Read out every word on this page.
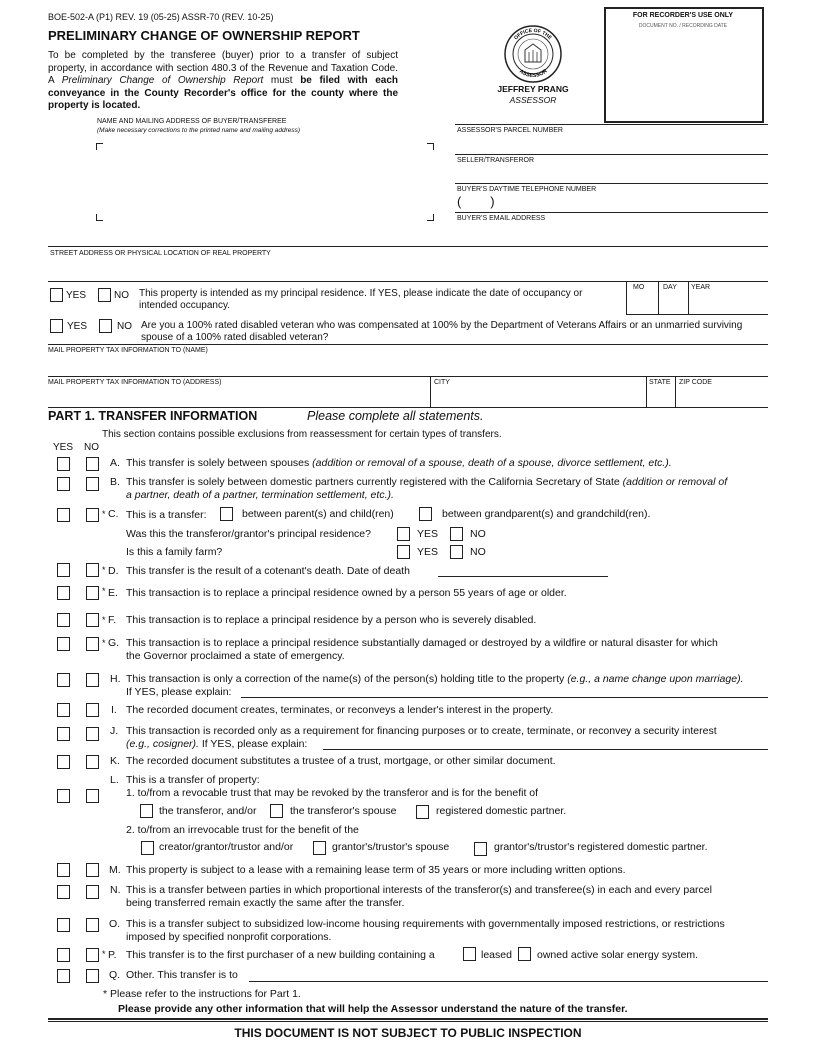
BOE-502-A (P1) REV. 19 (05-25) ASSR-70 (REV. 10-25)
PRELIMINARY CHANGE OF OWNERSHIP REPORT
To be completed by the transferee (buyer) prior to a transfer of subject property, in accordance with section 480.3 of the Revenue and Taxation Code. A Preliminary Change of Ownership Report must be filed with each conveyance in the County Recorder's office for the county where the property is located.
OFFICE OF THE
ASSESSOR
JEFFREY PRANG
ASSESSOR
FOR RECORDER'S USE ONLY
DOCUMENT NO. / RECORDING DATE
NAME AND MAILING ADDRESS OF BUYER/TRANSFEREE
(Make necessary corrections to the printed name and mailing address)	ASSESSOR'S PARCEL NUMBER
SELLER/TRANSFEROR
BUYER'S DAYTIME TELEPHONE NUMBER
(        )
BUYER'S EMAIL ADDRESS
STREET ADDRESS OR PHYSICAL LOCATION OF REAL PROPERTY
YES	NO This property is intended as my principal residence. If YES, please indicate the date of occupancy or intended occupancy.
MO	DAY YEAR
YES	NO Are you a 100% rated disabled veteran who was compensated at 100% by the Department of Veterans Affairs or an unmarried surviving spouse of a 100% rated disabled veteran?
MAIL PROPERTY TAX INFORMATION TO (NAME)
MAIL PROPERTY TAX INFORMATION TO (ADDRESS)	CITY	STATE ZIP CODE
PART 1. TRANSFER INFORMATION	Please complete all statements.
This section contains possible exclusions from reassessment for certain types of transfers.
YES NO
A. This transfer is solely between spouses (addition or removal of a spouse, death of a spouse, divorce settlement, etc.).
B. This transfer is solely between domestic partners currently registered with the California Secretary of State (addition or removal of
a partner, death of a partner, termination settlement, etc.).
* C. This is a transfer:	between parent(s) and child(ren)	between grandparent(s) and grandchild(ren).
Was this the transferor/grantor's principal residence?	YES	NO
Is this a family farm?	YES	NO
* D. This transfer is the result of a cotenant's death. Date of death
* E. This transaction is to replace a principal residence owned by a person 55 years of age or older.
* F. This transaction is to replace a principal residence by a person who is severely disabled.
* G. This transaction is to replace a principal residence substantially damaged or destroyed by a wildfire or natural disaster for which
the Governor proclaimed a state of emergency.
H. This transaction is only a correction of the name(s) of the person(s) holding title to the property (e.g., a name change upon marriage).
If YES, please explain:
I. The recorded document creates, terminates, or reconveys a lender's interest in the property.
J. This transaction is recorded only as a requirement for financing purposes or to create, terminate, or reconvey a security interest
(e.g., cosigner). If YES, please explain:
K. The recorded document substitutes a trustee of a trust, mortgage, or other similar document.
L. This is a transfer of property:
1. to/from a revocable trust that may be revoked by the transferor and is for the benefit of
the transferor, and/or	the transferor's spouse	registered domestic partner.
2. to/from an irrevocable trust for the benefit of the
creator/grantor/trustor and/or	grantor's/trustor's spouse	grantor's/trustor's registered domestic partner.
M. This property is subject to a lease with a remaining lease term of 35 years or more including written options.
N. This is a transfer between parties in which proportional interests of the transferor(s) and transferee(s) in each and every parcel
being transferred remain exactly the same after the transfer.
O. This is a transfer subject to subsidized low-income housing requirements with governmentally imposed restrictions, or restrictions
imposed by specified nonprofit corporations.
* P. This transfer is to the first purchaser of a new building containing a	leased owned active solar energy system.
Q. Other. This transfer is to
* Please refer to the instructions for Part 1.
Please provide any other information that will help the Assessor understand the nature of the transfer.
THIS DOCUMENT IS NOT SUBJECT TO PUBLIC INSPECTION
